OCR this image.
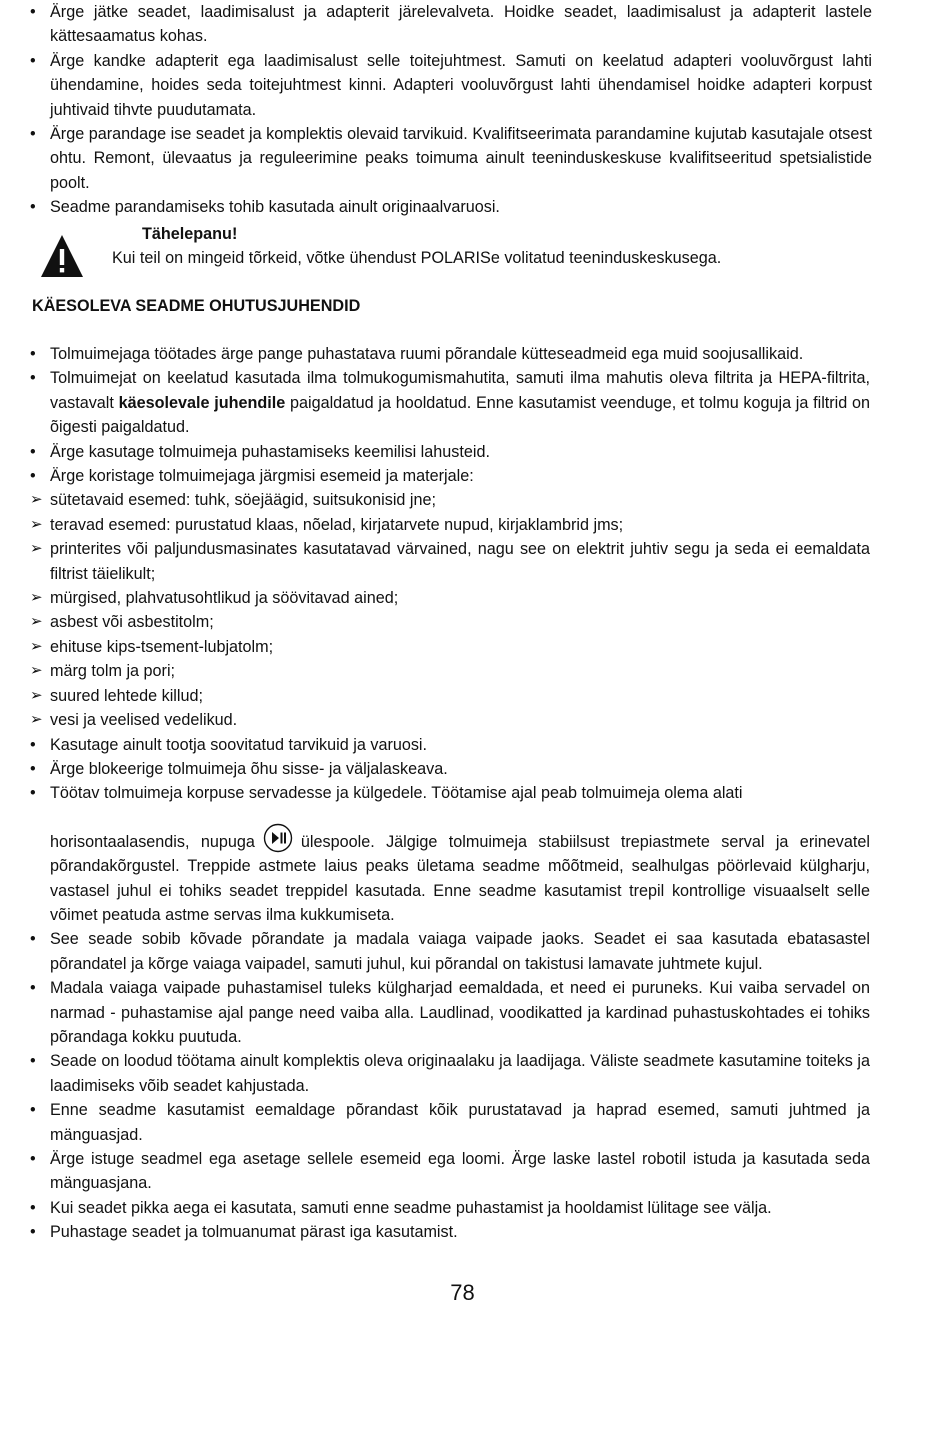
• Ärge jätke seadet, laadimisalust ja adapterit järelevalveta. Hoidke seadet, laadimisalust ja adapterit lastele kättesaamatus kohas.
• Ärge kandke adapterit ega laadimisalust selle toitejuhtmest. Samuti on keelatud adapteri vooluvõrgust lahti ühendamine, hoides seda toitejuhtmest kinni. Adapteri vooluvõrgust lahti ühendamisel hoidke adapteri korpust juhtivaid tihvte puudutamata.
• Ärge parandage ise seadet ja komplektis olevaid tarvikuid. Kvalifitseerimata parandamine kujutab kasutajale otsest ohtu. Remont, ülevaatus ja reguleerimine peaks toimuma ainult teeninduskeskuse kvalifitseeritud spetsialistide poolt.
• Seadme parandamiseks tohib kasutada ainult originaalvaruosi.
Tähelepanu!
Kui teil on mingeid tõrkeid, võtke ühendust POLARISe volitatud teeninduskeskusega.
KÄESOLEVA SEADME OHUTUSJUHENDID
• Tolmuimejaga töötades ärge pange puhastatava ruumi põrandale kütteseadmeid ega muid soojusallikaid.
• Tolmuimejat on keelatud kasutada ilma tolmukogumismahutita, samuti ilma mahutis oleva filtrita ja HEPA-filtrita, vastavalt käesolevale juhendile paigaldatud ja hooldatud. Enne kasutamist veenduge, et tolmu koguja ja filtrid on õigesti paigaldatud.
• Ärge kasutage tolmuimeja puhastamiseks keemilisi lahusteid.
• Ärge koristage tolmuimejaga järgmisi esemeid ja materjale:
➢ sütetavaid esemed: tuhk, söejäägid, suitsukonisid jne;
➢ teravad esemed: purustatud klaas, nõelad, kirjatarvete nupud, kirjaklambrid jms;
➢ printerites või paljundusmasinates kasutatavad värvained, nagu see on elektrit juhtiv segu ja seda ei eemaldata filtrist täielikult;
➢ mürgised, plahvatusohtlikud ja söövitavad ained;
➢ asbest või asbestitolm;
➢ ehituse kips-tsement-lubjatolm;
➢ märg tolm ja pori;
➢ suured lehtede killud;
➢ vesi ja veelised vedelikud.
• Kasutage ainult tootja soovitatud tarvikuid ja varuosi.
• Ärge blokeerige tolmuimeja õhu sisse- ja väljalaskeava.
• Töötav tolmuimeja korpuse servadesse ja külgedele. Töötamise ajal peab tolmuimeja olema alati
horisontaalasendis, nupuga	ülespoole. Jälgige tolmuimeja stabiilsust trepiastmete serval ja erinevatel põrandakõrgustel. Treppide astmete laius peaks ületama seadme mõõtmeid, sealhulgas pöörlevaid külgharju, vastasel juhul ei tohiks seadet treppidel kasutada. Enne seadme kasutamist trepil kontrollige visuaalselt selle võimet peatuda astme servas ilma kukkumiseta.
• See seade sobib kõvade põrandate ja madala vaiaga vaipade jaoks. Seadet ei saa kasutada ebatasastel põrandatel ja kõrge vaiaga vaipadel, samuti juhul, kui põrandal on takistusi lamavate juhtmete kujul.
• Madala vaiaga vaipade puhastamisel tuleks külgharjad eemaldada, et need ei puruneks. Kui vaiba servadel on narmad - puhastamise ajal pange need vaiba alla. Laudlinad, voodikatted ja kardinad puhastuskohtades ei tohiks põrandaga kokku puutuda.
• Seade on loodud töötama ainult komplektis oleva originaalaku ja laadijaga. Väliste seadmete kasutamine toiteks ja laadimiseks võib seadet kahjustada.
• Enne seadme kasutamist eemaldage põrandast kõik purustatavad ja haprad esemed, samuti juhtmed ja mänguasjad.
• Ärge istuge seadmel ega asetage sellele esemeid ega loomi. Ärge laske lastel robotil istuda ja kasutada seda mänguasjana.
• Kui seadet pikka aega ei kasutata, samuti enne seadme puhastamist ja hooldamist lülitage see välja.
• Puhastage seadet ja tolmuanumat pärast iga kasutamist.
78
